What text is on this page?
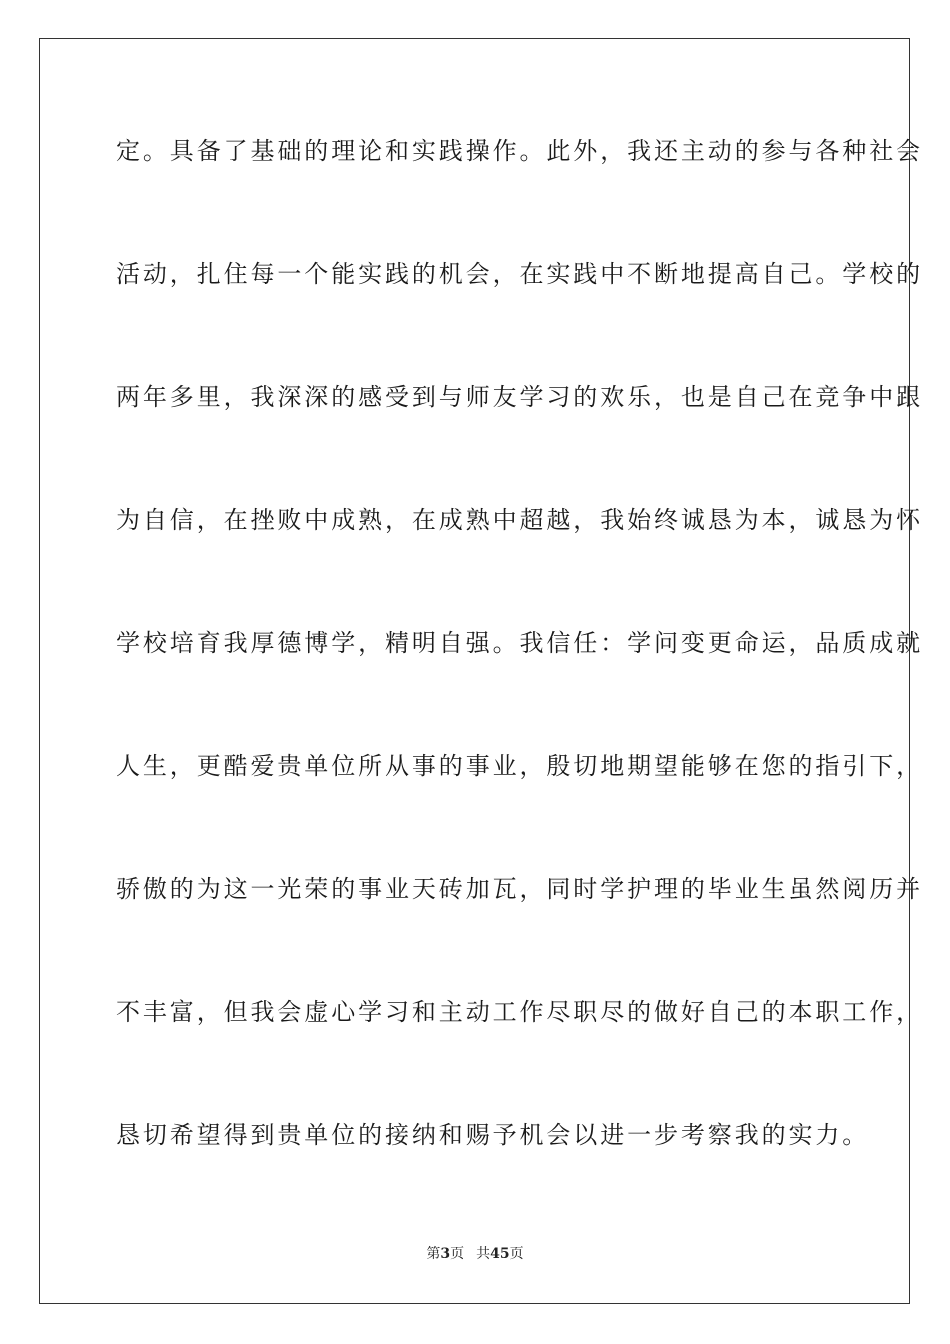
定。具备了基础的理论和实践操作。此外，我还主动的参与各种社会
活动，扎住每一个能实践的机会，在实践中不断地提高自己。学校的
两年多里，我深深的感受到与师友学习的欢乐，也是自己在竞争中跟
为自信，在挫败中成熟，在成熟中超越，我始终诚恳为本，诚恳为怀
学校培育我厚德博学，精明自强。我信任：学问变更命运，品质成就
人生，更酷爱贵单位所从事的事业，殷切地期望能够在您的指引下，
骄傲的为这一光荣的事业天砖加瓦，同时学护理的毕业生虽然阅历并
不丰富，但我会虚心学习和主动工作尽职尽的做好自己的本职工作，
恳切希望得到贵单位的接纳和赐予机会以进一步考察我的实力。
第3页 共45页
